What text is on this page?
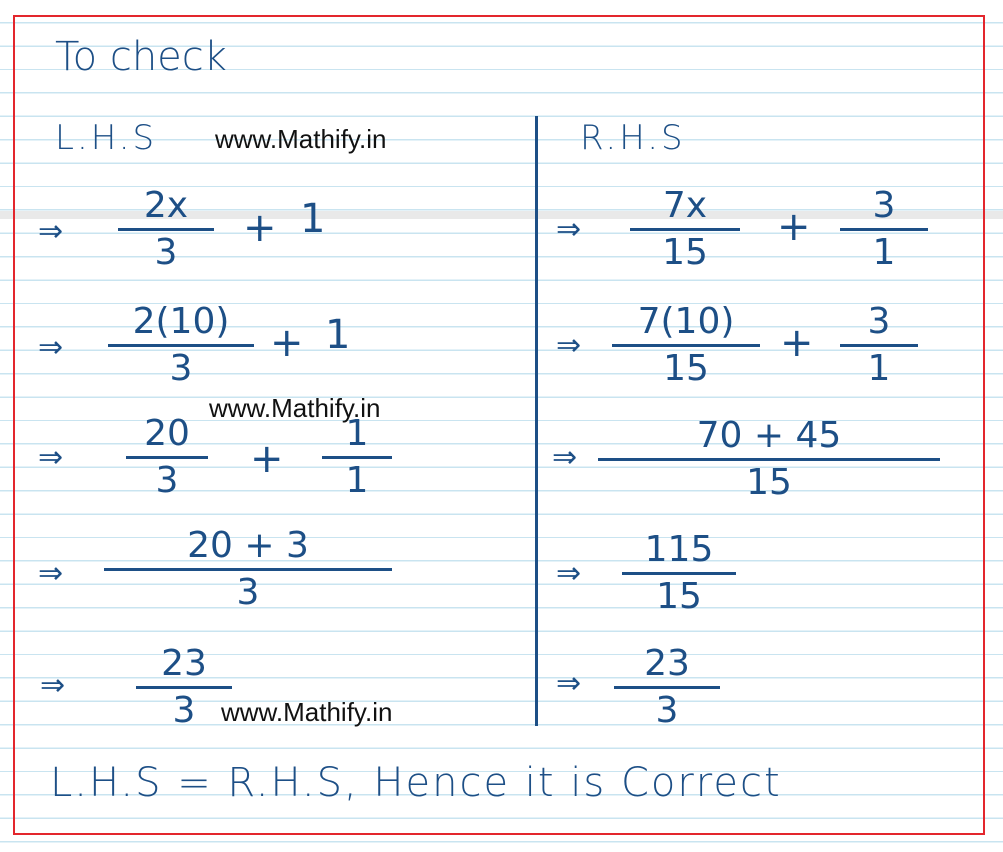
To check
L.H.S www.Mathify.in	R.H.S
⇒
2x
3
+ 1
⇒
2(10)
3
+ 1
www.Mathify.in
⇒
20
3 +
1
1
⇒
20 + 3
3
⇒
23
3 www.Mathify.in
⇒
7x
15
+ 3
1
⇒
7(10)
15
+ 3
1
⇒
70 + 45
15
⇒
115
15
⇒ 23
3
L.H.S = R.H.S, Hence it is Correct
